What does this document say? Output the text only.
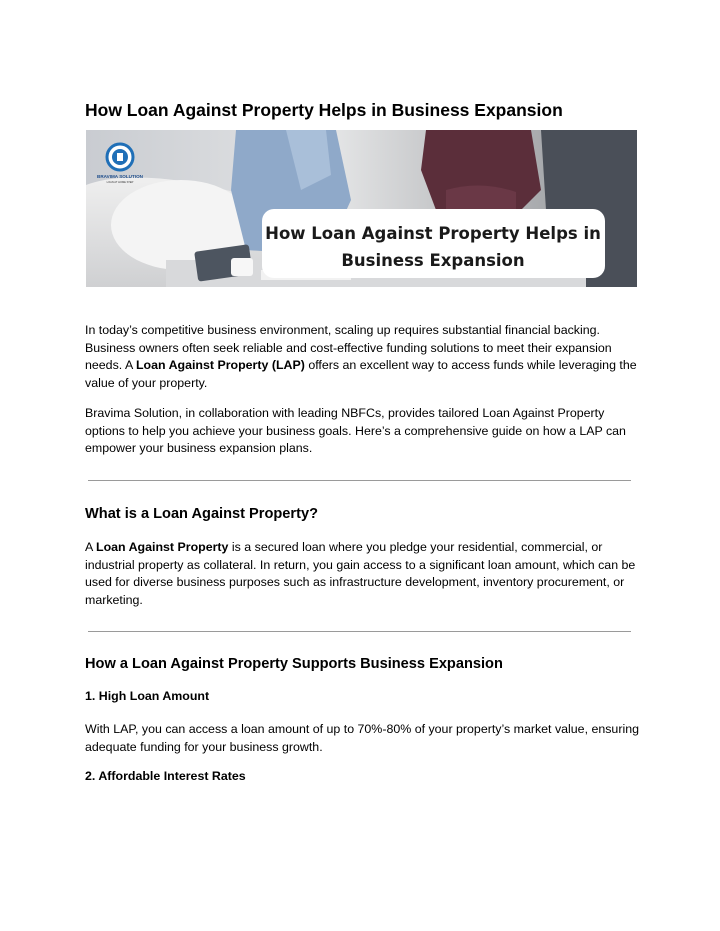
How Loan Against Property Helps in Business Expansion
BRAVIMA SOLUTION
LOAN AT HOME STEP
How Loan Against Property Helps in
Business Expansion

In today’s competitive business environment, scaling up requires substantial financial backing. Business owners often seek reliable and cost-effective funding solutions to meet their expansion needs. A Loan Against Property (LAP) offers an excellent way to access funds while leveraging the value of your property.

Bravima Solution, in collaboration with leading NBFCs, provides tailored Loan Against Property options to help you achieve your business goals. Here’s a comprehensive guide on how a LAP can empower your business expansion plans.

What is a Loan Against Property?

A Loan Against Property is a secured loan where you pledge your residential, commercial, or industrial property as collateral. In return, you gain access to a significant loan amount, which can be used for diverse business purposes such as infrastructure development, inventory procurement, or marketing.

How a Loan Against Property Supports Business Expansion
1. High Loan Amount

With LAP, you can access a loan amount of up to 70%-80% of your property’s market value, ensuring adequate funding for your business growth.

2. Affordable Interest Rates
